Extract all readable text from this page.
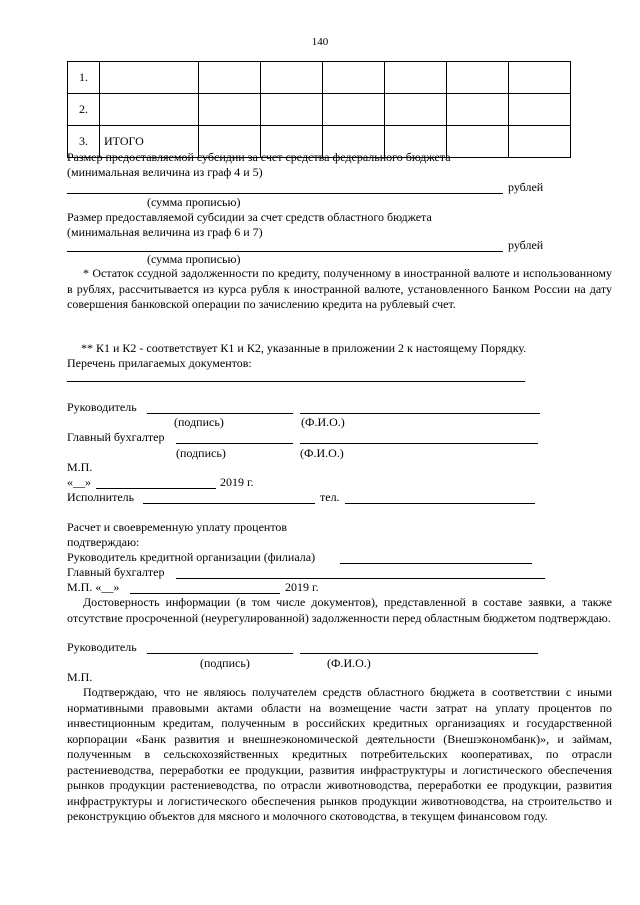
140
1.							
2.							
3.	ИТОГО						
Размер предоставляемой субсидии за счет средства федерального бюджета
(минимальная величина из граф 4 и 5)
рублей
(сумма прописью)
Размер предоставляемой субсидии за счет средств областного бюджета
(минимальная величина из граф 6 и 7)
рублей
(сумма прописью)
* Остаток ссудной задолженности по кредиту, полученному в иностранной валюте и использованному в рублях, рассчитывается из курса рубля к иностранной валюте, установленного Банком России на дату совершения банковской операции по зачислению кредита на рублевый счет.
** К1 и К2 - соответствует К1 и К2, указанные в приложении 2 к настоящему Порядку.
Перечень прилагаемых документов:
Руководитель
(подпись)	(Ф.И.О.)
Главный бухгалтер
(подпись)	(Ф.И.О.)
М.П.
«__»	2019 г.
Исполнитель	тел.
Расчет и своевременную уплату процентов
подтверждаю:
Руководитель кредитной организации (филиала)
Главный бухгалтер
М.П. «__»	2019 г.
Достоверность информации (в том числе документов), представленной в составе заявки, а также отсутствие просроченной (неурегулированной) задолженности перед областным бюджетом подтверждаю.
Руководитель
(подпись)	(Ф.И.О.)
М.П.
Подтверждаю, что не являюсь получателем средств областного бюджета в соответствии с иными нормативными правовыми актами области на возмещение части затрат на уплату процентов по инвестиционным кредитам, полученным в российских кредитных организациях и государственной корпорации «Банк развития и внешнеэкономической деятельности (Внешэкономбанк)», и займам, полученным в сельскохозяйственных кредитных потребительских кооперативах, по отрасли растениеводства, переработки ее продукции, развития инфраструктуры и логистического обеспечения рынков продукции растениеводства, по отрасли животноводства, переработки ее продукции, развития инфраструктуры и логистического обеспечения рынков продукции животноводства, на строительство и реконструкцию объектов для мясного и молочного скотоводства, в текущем финансовом году.
